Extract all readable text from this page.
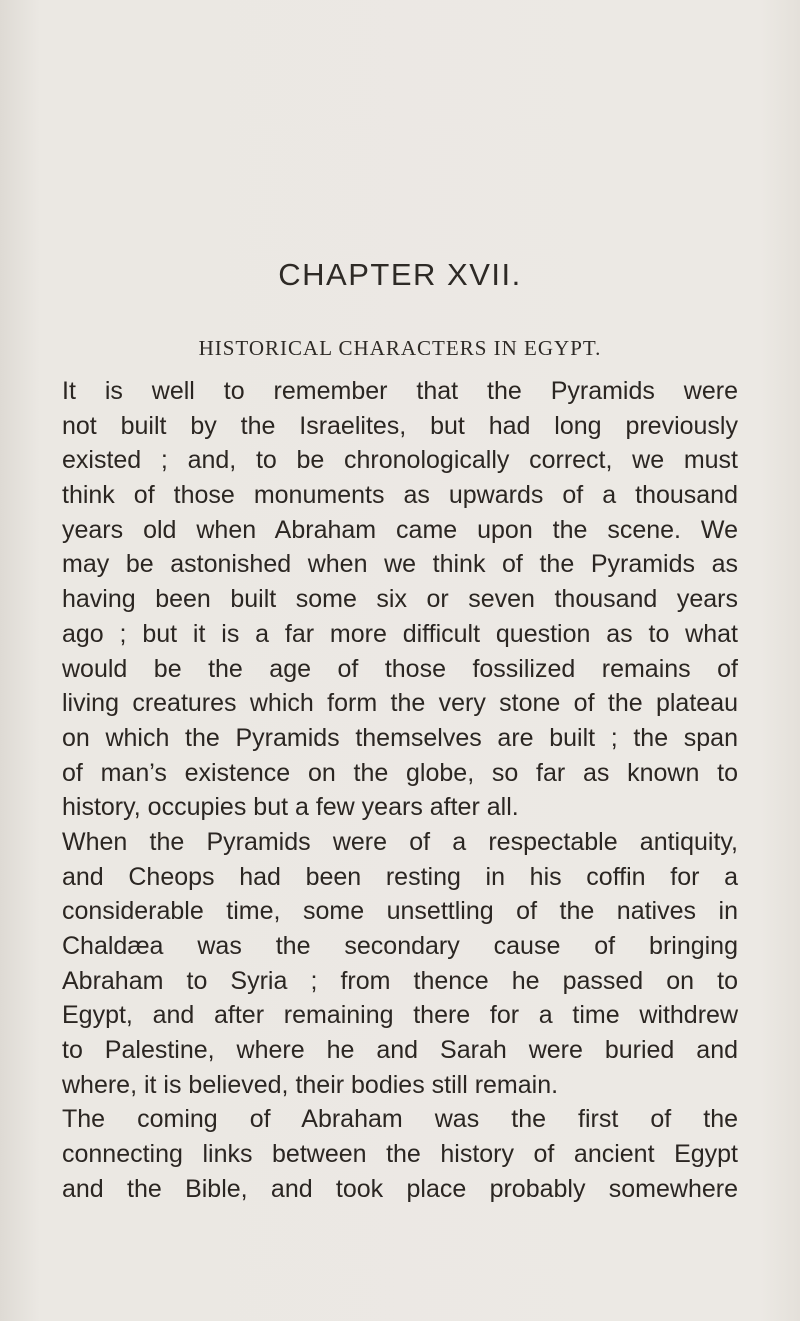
CHAPTER XVII.
HISTORICAL CHARACTERS IN EGYPT.
It is well to remember that the Pyramids were
not built by the Israelites, but had long previously
existed ; and, to be chronologically correct, we must
think of those monuments as upwards of a thousand
years old when Abraham came upon the scene. We
may be astonished when we think of the Pyramids as
having been built some six or seven thousand years
ago ; but it is a far more difficult question as to what
would be the age of those fossilized remains of
living creatures which form the very stone of the plateau
on which the Pyramids themselves are built ; the span
of man’s existence on the globe, so far as known to
history, occupies but a few years after all.
When the Pyramids were of a respectable antiquity,
and Cheops had been resting in his coffin for a
considerable time, some unsettling of the natives in
Chaldæa was the secondary cause of bringing
Abraham to Syria ; from thence he passed on to
Egypt, and after remaining there for a time withdrew
to Palestine, where he and Sarah were buried and
where, it is believed, their bodies still remain.
The coming of Abraham was the first of the
connecting links between the history of ancient Egypt
and the Bible, and took place probably somewhere
